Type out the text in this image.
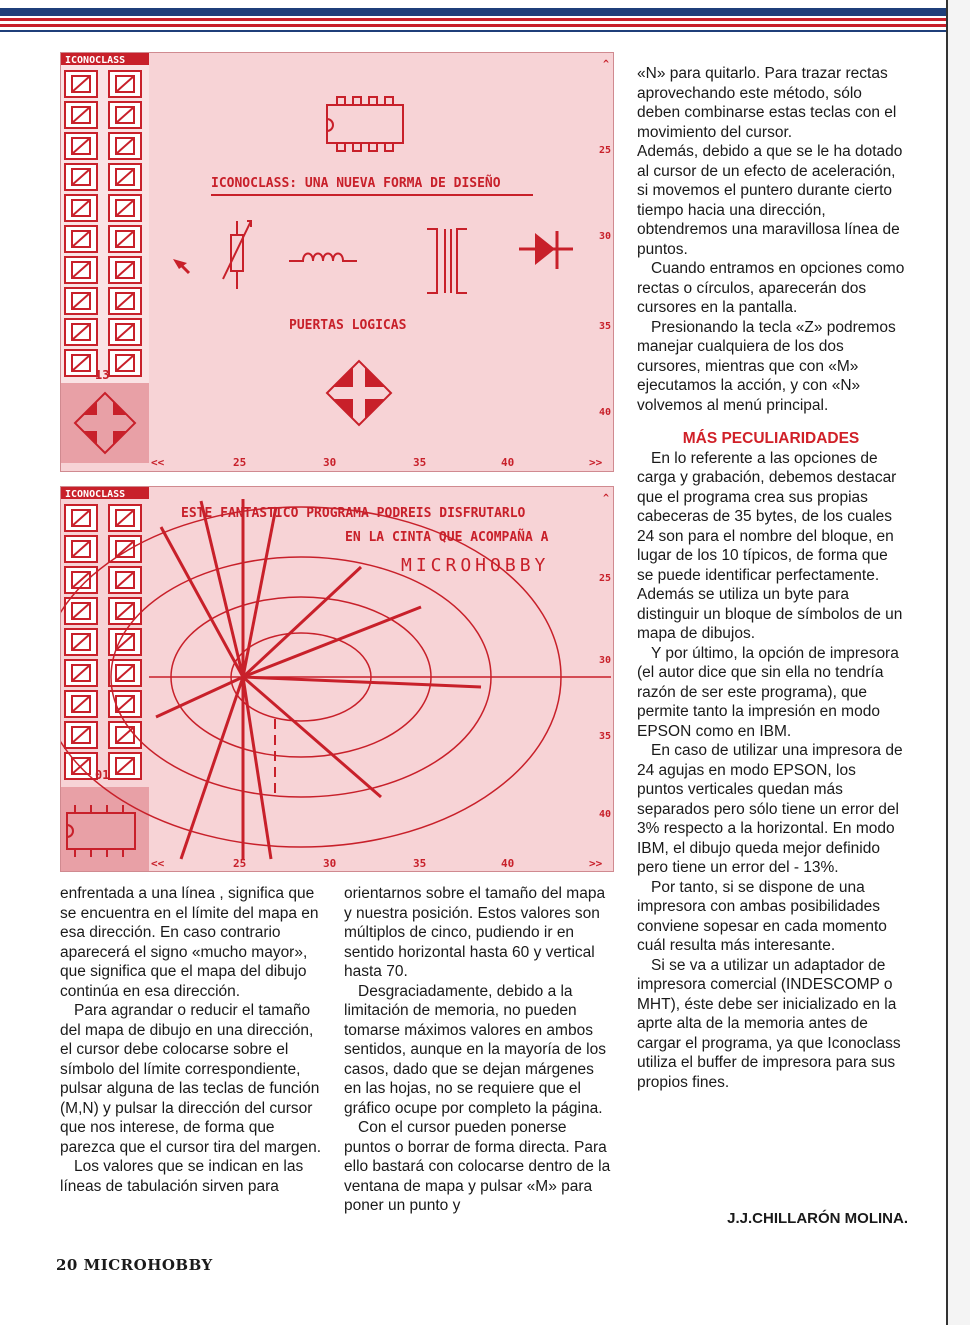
ICONOCLASS
13
ICONOCLASS: UNA NUEVA FORMA DE DISEÑO
PUERTAS LOGICAS
<<	25	30	35	40	>>
25
30
35
40
^
ICONOCLASS
01
ESTE FANTASTICO PROGRAMA PODREIS DISFRUTARLO
EN LA CINTA QUE ACOMPAÑA A
MICROHOBBY
<<	25	30	35	40	>>
25
30
35
40
^

enfrentada a una línea , significa que se encuentra en el límite del mapa en esa dirección. En caso contrario aparecerá el signo «mucho mayor», que significa que el mapa del dibujo continúa en esa dirección.

Para agrandar o reducir el tamaño del mapa de dibujo en una dirección, el cursor debe colocarse sobre el símbolo del límite correspondiente, pulsar alguna de las teclas de función (M,N) y pulsar la dirección del cursor que nos interese, de forma que parezca que el cursor tira del margen.

Los valores que se indican en las líneas de tabulación sirven para

orientarnos sobre el tamaño del mapa y nuestra posición. Estos valores son múltiplos de cinco, pudiendo ir en sentido horizontal hasta 60 y vertical hasta 70.

Desgraciadamente, debido a la limitación de memoria, no pueden tomarse máximos valores en ambos sentidos, aunque en la mayoría de los casos, dado que se dejan márgenes en las hojas, no se requiere que el gráfico ocupe por completo la página.

Con el cursor pueden ponerse puntos o borrar de forma directa. Para ello bastará con colocarse dentro de la ventana de mapa y pulsar «M» para poner un punto y

«N» para quitarlo. Para trazar rectas aprovechando este método, sólo deben combinarse estas teclas con el movimiento del cursor.

Además, debido a que se le ha dotado al cursor de un efecto de aceleración, si movemos el puntero durante cierto tiempo hacia una dirección, obtendremos una maravillosa línea de puntos.

Cuando entramos en opciones como rectas o círculos, aparecerán dos cursores en la pantalla.

Presionando la tecla «Z» podremos manejar cualquiera de los dos cursores, mientras que con «M» ejecutamos la acción, y con «N» volvemos al menú principal.

MÁS PECULIARIDADES

En lo referente a las opciones de carga y grabación, debemos destacar que el programa crea sus propias cabeceras de 35 bytes, de los cuales 24 son para el nombre del bloque, en lugar de los 10 típicos, de forma que se puede identificar perfectamente. Además se utiliza un byte para distinguir un bloque de símbolos de un mapa de dibujos.

Y por último, la opción de impresora (el autor dice que sin ella no tendría razón de ser este programa), que permite tanto la impresión en modo EPSON como en IBM.

En caso de utilizar una impresora de 24 agujas en modo EPSON, los puntos verticales quedan más separados pero sólo tiene un error del 3% respecto a la horizontal. En modo IBM, el dibujo queda mejor definido pero tiene un error del - 13%.

Por tanto, si se dispone de una impresora con ambas posibilidades conviene sopesar en cada momento cuál resulta más interesante.

Si se va a utilizar un adaptador de impresora comercial (INDESCOMP o MHT), éste debe ser inicializado en la aprte alta de la memoria antes de cargar el programa, ya que Iconoclass utiliza el buffer de impresora para sus propios fines.

J.J.CHILLARÓN MOLINA.
20 MICROHOBBY
